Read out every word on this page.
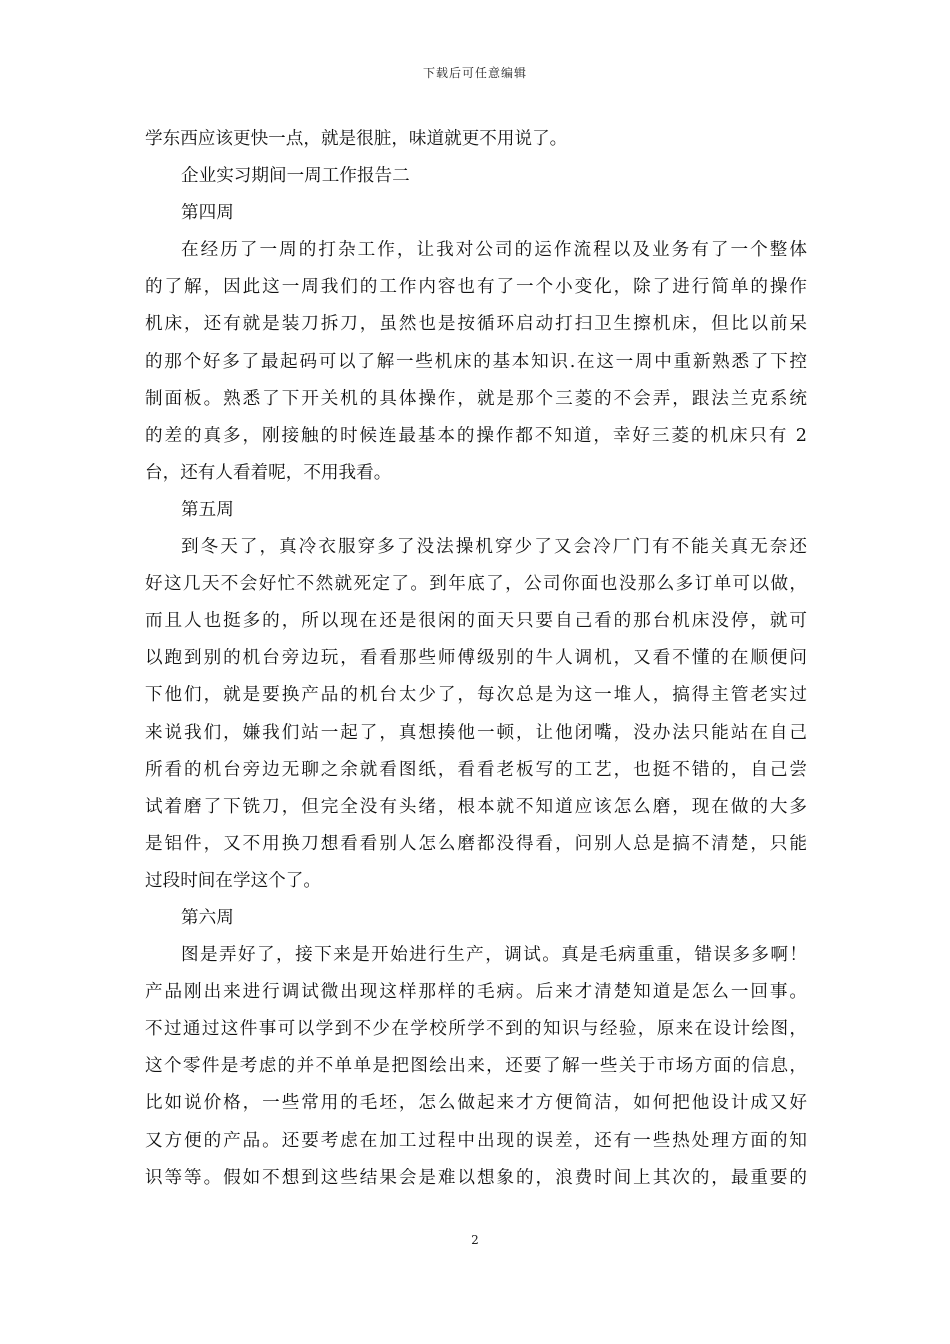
下载后可任意编辑
学东西应该更快一点，就是很脏，味道就更不用说了。
企业实习期间一周工作报告二
第四周
在经历了一周的打杂工作，让我对公司的运作流程以及业务有了一个整体
的了解，因此这一周我们的工作内容也有了一个小变化，除了进行简单的操作
机床，还有就是装刀拆刀，虽然也是按循环启动打扫卫生擦机床，但比以前呆
的那个好多了最起码可以了解一些机床的基本知识.在这一周中重新熟悉了下控
制面板。熟悉了下开关机的具体操作，就是那个三菱的不会弄，跟法兰克系统
的差的真多，刚接触的时候连最基本的操作都不知道，幸好三菱的机床只有 2
台，还有人看着呢，不用我看。
第五周
到冬天了，真冷衣服穿多了没法操机穿少了又会冷厂门有不能关真无奈还
好这几天不会好忙不然就死定了。到年底了，公司你面也没那么多订单可以做，
而且人也挺多的，所以现在还是很闲的面天只要自己看的那台机床没停，就可
以跑到别的机台旁边玩，看看那些师傅级别的牛人调机，又看不懂的在顺便问
下他们，就是要换产品的机台太少了，每次总是为这一堆人，搞得主管老实过
来说我们，嫌我们站一起了，真想揍他一顿，让他闭嘴，没办法只能站在自己
所看的机台旁边无聊之余就看图纸，看看老板写的工艺，也挺不错的，自己尝
试着磨了下铣刀，但完全没有头绪，根本就不知道应该怎么磨，现在做的大多
是铝件，又不用换刀想看看别人怎么磨都没得看，问别人总是搞不清楚，只能
过段时间在学这个了。
第六周
图是弄好了，接下来是开始进行生产，调试。真是毛病重重，错误多多啊！
产品刚出来进行调试微出现这样那样的毛病。后来才清楚知道是怎么一回事。
不过通过这件事可以学到不少在学校所学不到的知识与经验，原来在设计绘图，
这个零件是考虑的并不单单是把图绘出来，还要了解一些关于市场方面的信息，
比如说价格，一些常用的毛坯，怎么做起来才方便简洁，如何把他设计成又好
又方便的产品。还要考虑在加工过程中出现的误差，还有一些热处理方面的知
识等等。假如不想到这些结果会是难以想象的，浪费时间上其次的，最重要的
2
